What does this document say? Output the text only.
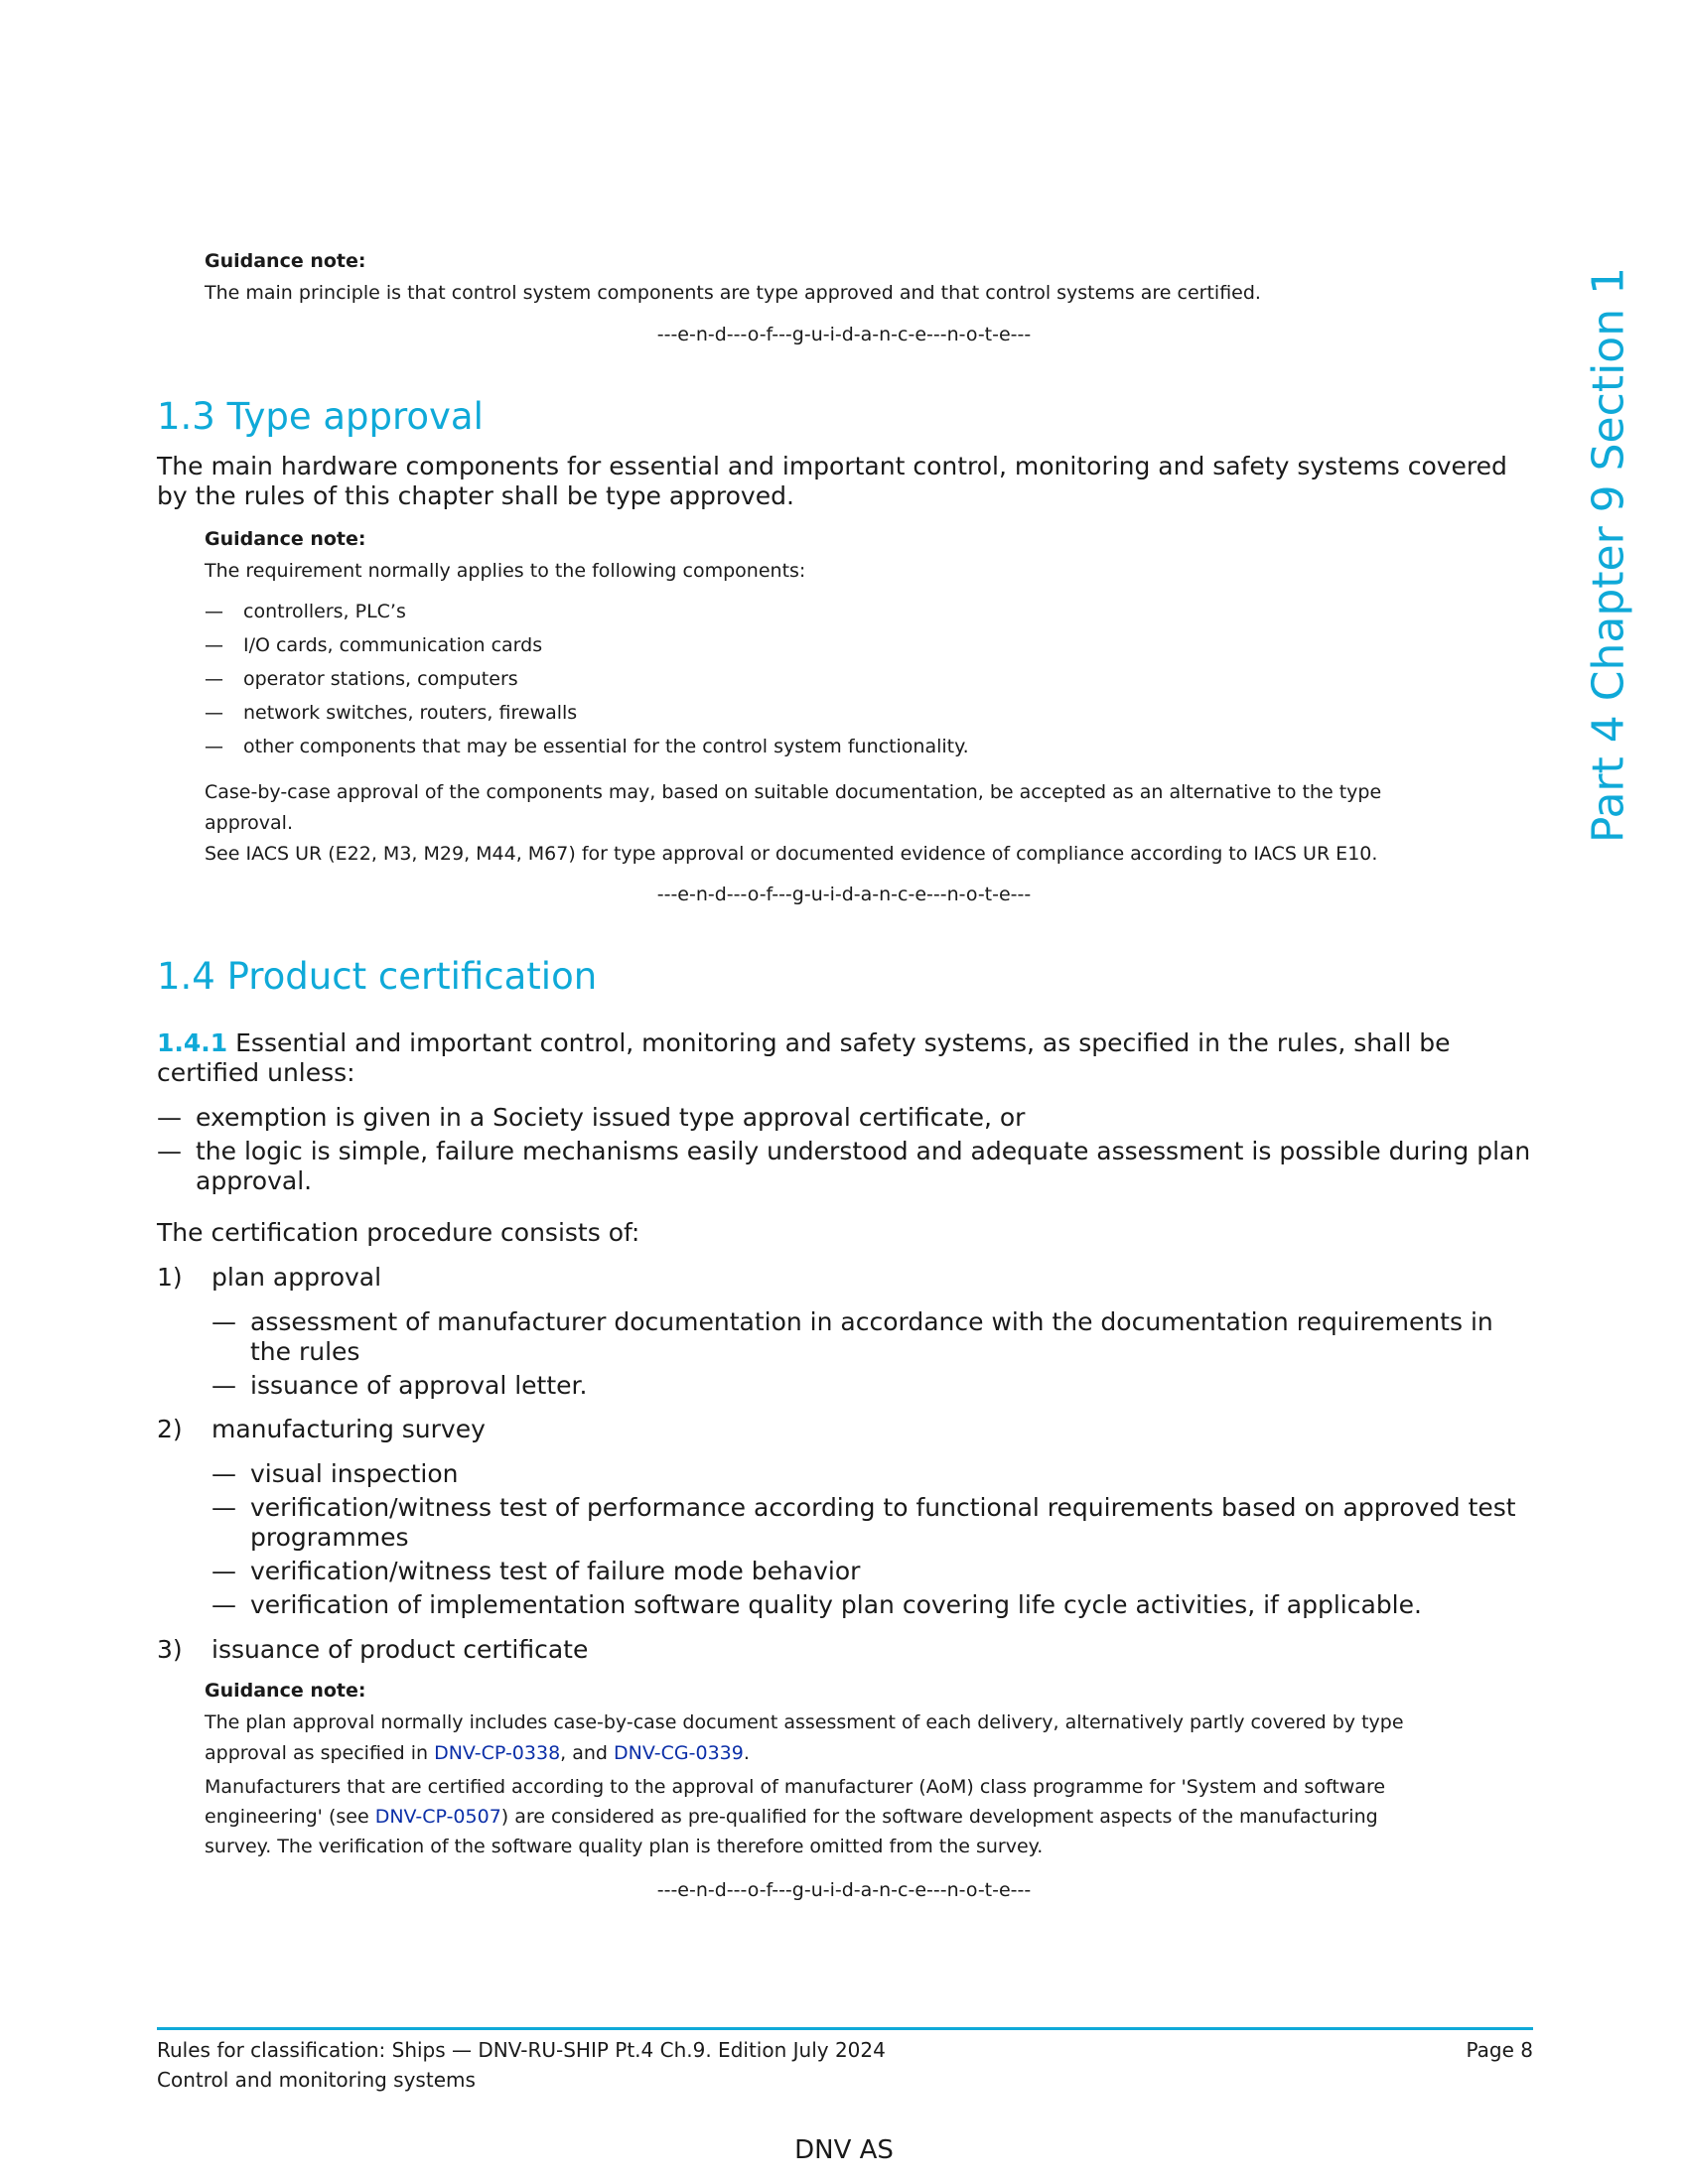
Part 4 Chapter 9 Section 1

Guidance note:

The main principle is that control system components are type approved and that control systems are certified.

---e-n-d---o-f---g-u-i-d-a-n-c-e---n-o-t-e---
1.3 Type approval
The main hardware components for essential and important control, monitoring and safety systems covered by the rules of this chapter shall be type approved.

Guidance note:

The requirement normally applies to the following components:

— controllers, PLC’s
— I/O cards, communication cards
— operator stations, computers
— network switches, routers, firewalls
— other components that may be essential for the control system functionality.
Case-by-case approval of the components may, based on suitable documentation, be accepted as an alternative to the type approval.
See IACS UR (E22, M3, M29, M44, M67) for type approval or documented evidence of compliance according to IACS UR E10.
---e-n-d---o-f---g-u-i-d-a-n-c-e---n-o-t-e---
1.4 Product certification
1.4.1 Essential and important control, monitoring and safety systems, as specified in the rules, shall be certified unless:
— exemption is given in a Society issued type approval certificate, or
— the logic is simple, failure mechanisms easily understood and adequate assessment is possible during plan approval.
The certification procedure consists of:
1) plan approval
— assessment of manufacturer documentation in accordance with the documentation requirements in the rules
— issuance of approval letter.
2) manufacturing survey
— visual inspection
— verification/witness test of performance according to functional requirements based on approved test programmes
— verification/witness test of failure mode behavior
— verification of implementation software quality plan covering life cycle activities, if applicable.
3) issuance of product certificate

Guidance note:

The plan approval normally includes case-by-case document assessment of each delivery, alternatively partly covered by type approval as specified in DNV-CP-0338, and DNV-CG-0339.
Manufacturers that are certified according to the approval of manufacturer (AoM) class programme for 'System and software engineering' (see DNV-CP-0507) are considered as pre-qualified for the software development aspects of the manufacturing survey. The verification of the software quality plan is therefore omitted from the survey.
---e-n-d---o-f---g-u-i-d-a-n-c-e---n-o-t-e---
Rules for classification: Ships — DNV-RU-SHIP Pt.4 Ch.9. Edition July 2024
Control and monitoring systems
Page 8
DNV AS
